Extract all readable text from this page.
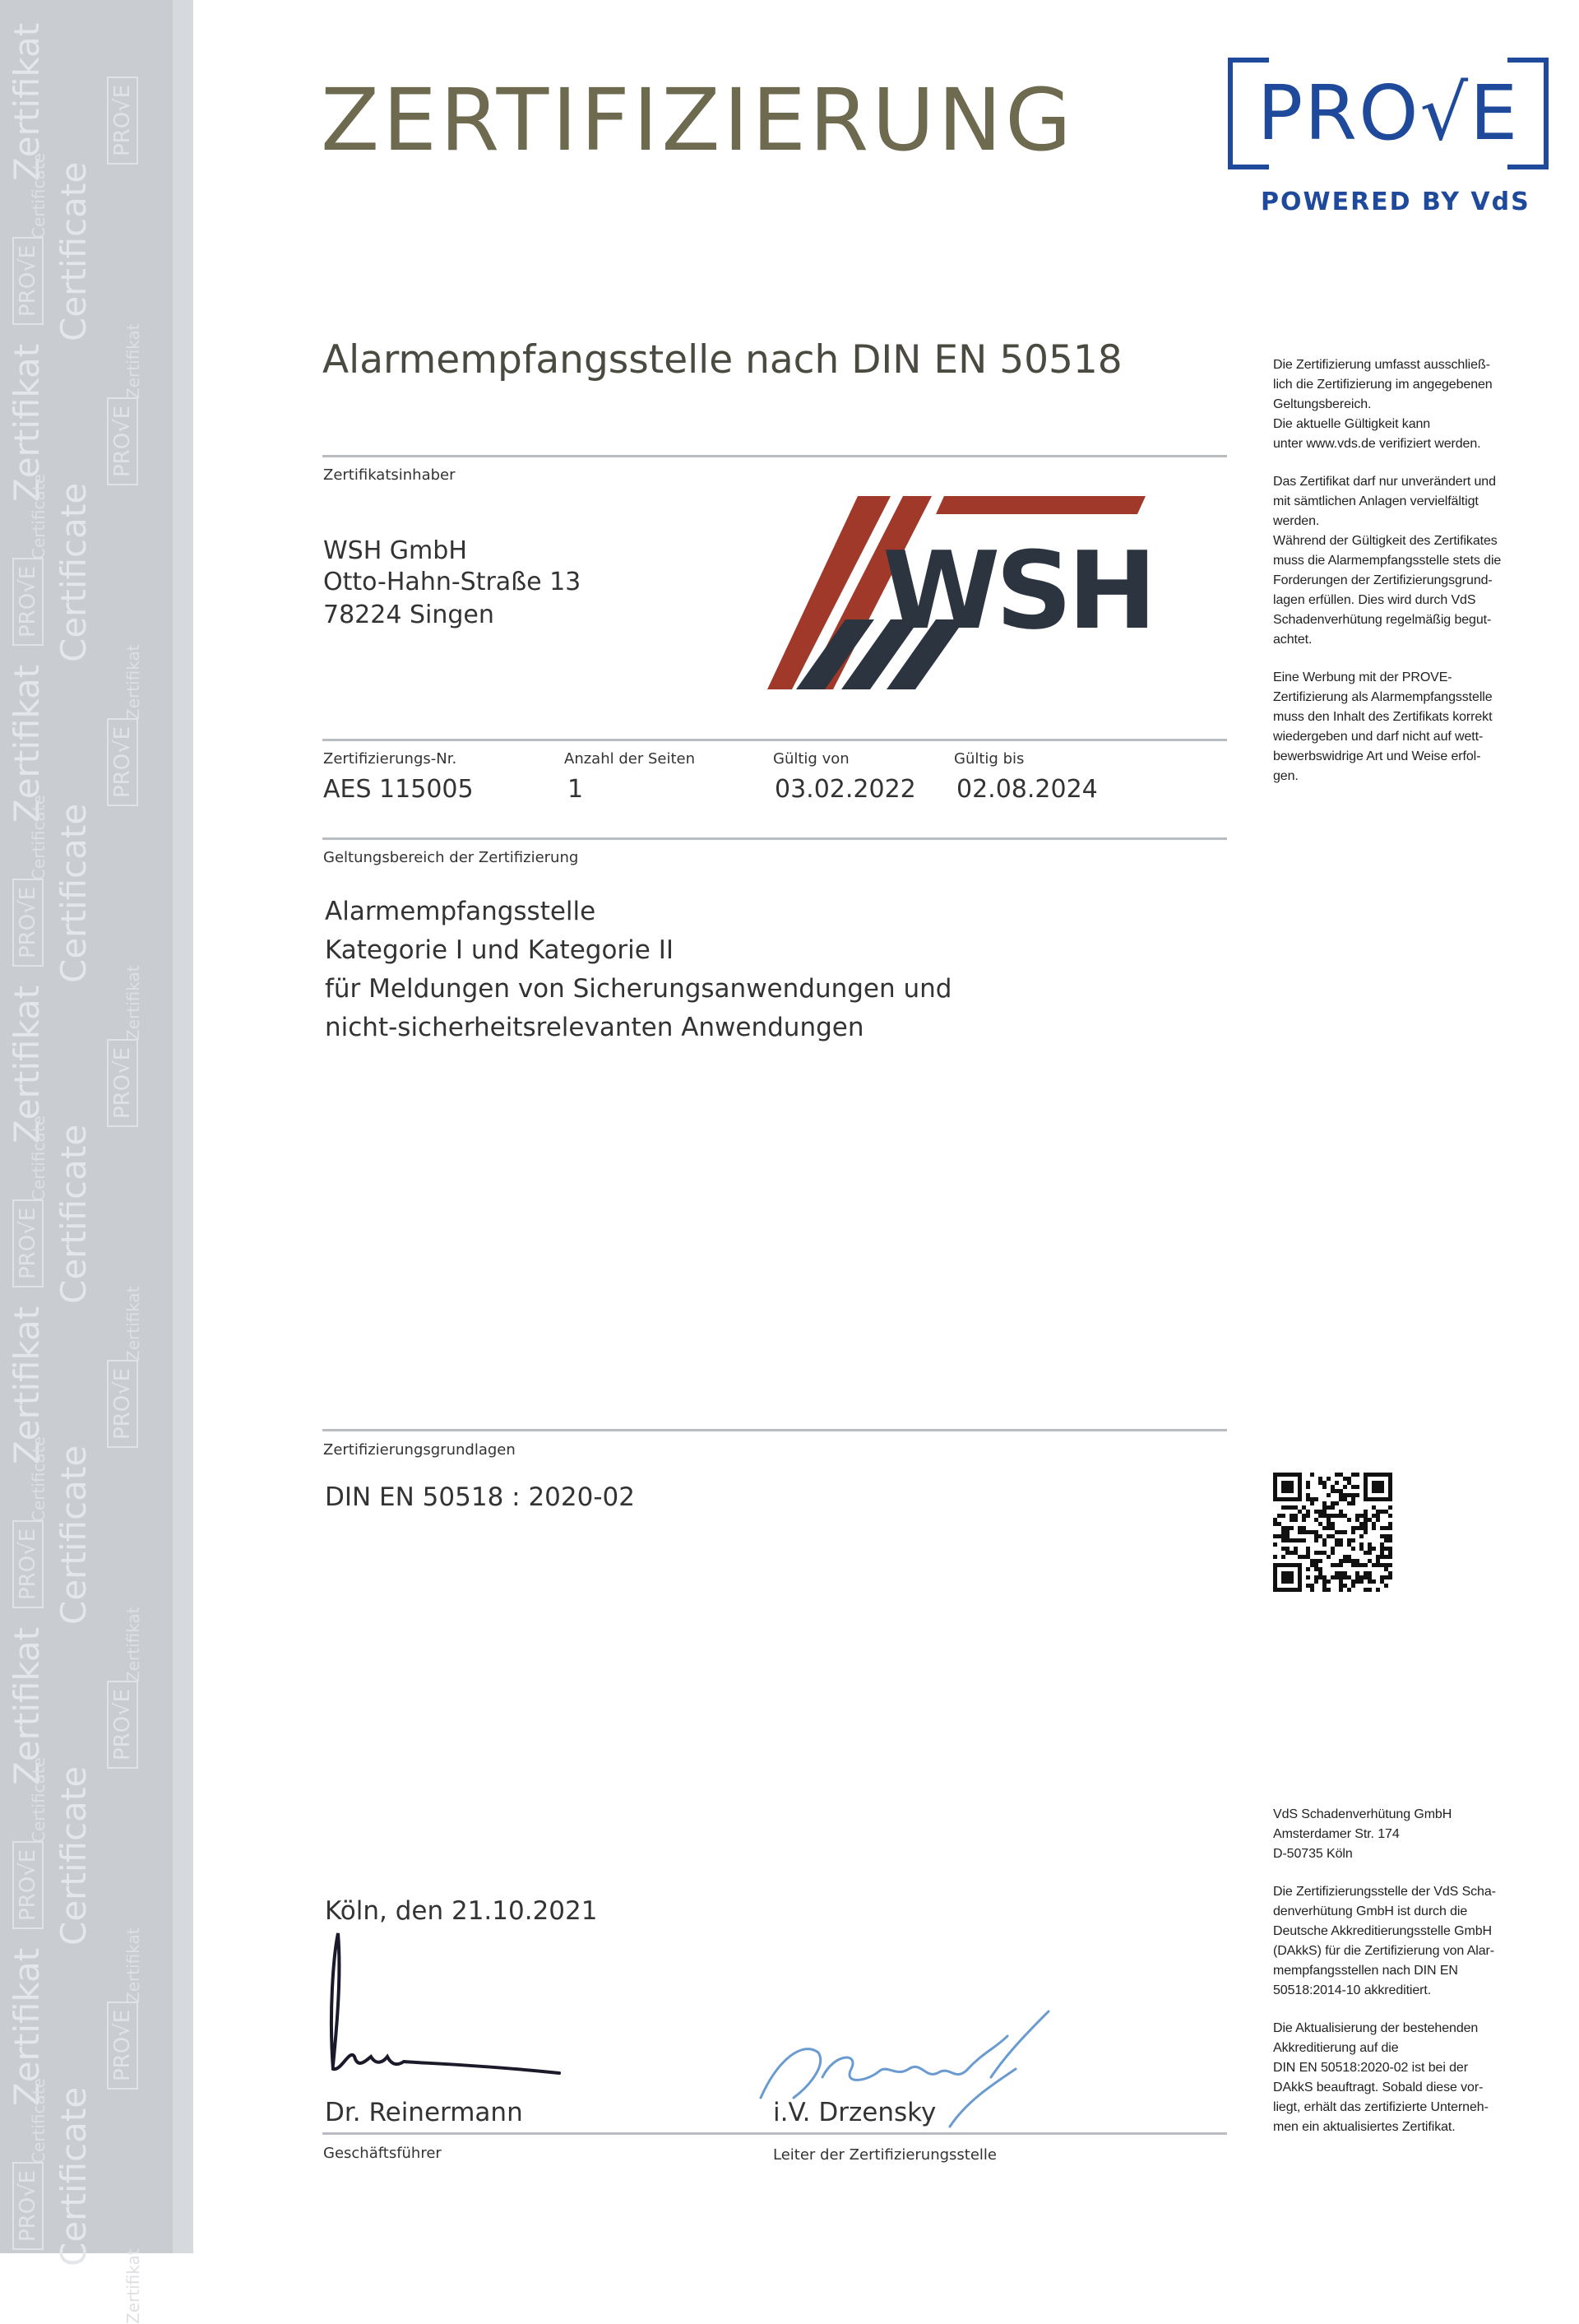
Zertifikat	PRO√E
Certificate Certificate
PRO√E
Zertifikat
Zertifikat	PRO√E
Certificate Certificate
PRO√E
Zertifikat
Zertifikat	PRO√E
Certificate Certificate
PRO√E
Zertifikat
Zertifikat	PRO√E
Certificate Certificate
PRO√E
Zertifikat
Zertifikat	PRO√E
Certificate Certificate
PRO√E
Zertifikat
Zertifikat	PRO√E
Certificate Certificate
PRO√E
Zertifikat
Zertifikat	PRO√E
Certificate Certificate
PRO√E
Zertifikat
ZERTIFIZIERUNG	PRO√E
POWERED BY VdS
Alarmempfangsstelle nach DIN EN 50518
Zertifikatsinhaber
WSH GmbH
Otto-Hahn-Straße 13
78224 Singen	WSH
Zertifizierungs-Nr.
AES 115005
Anzahl der Seiten
1
Gültig von
03.02.2022
Gültig bis
02.08.2024
Geltungsbereich der Zertifizierung
Alarmempfangsstelle
Kategorie I und Kategorie II
für Meldungen von Sicherungsanwendungen und
nicht-sicherheitsrelevanten Anwendungen
Zertifizierungsgrundlagen
DIN EN 50518 : 2020-02
Köln, den 21.10.2021
Dr. Reinermann	i.V. Drzensky
Geschäftsführer	Leiter der Zertifizierungsstelle

Die Zertifizierung umfasst ausschließ-
lich die Zertifizierung im angegebenen
Geltungsbereich.
Die aktuelle Gültigkeit kann
unter www.vds.de verifiziert werden.

Das Zertifikat darf nur unverändert und
mit sämtlichen Anlagen vervielfältigt
werden.
Während der Gültigkeit des Zertifikates
muss die Alarmempfangsstelle stets die
Forderungen der Zertifizierungsgrund-
lagen erfüllen. Dies wird durch VdS
Schadenverhütung regelmäßig begut-
achtet.

Eine Werbung mit der PROVE-
Zertifizierung als Alarmempfangsstelle
muss den Inhalt des Zertifikats korrekt
wiedergeben und darf nicht auf wett-
bewerbswidrige Art und Weise erfol-
gen.

VdS Schadenverhütung GmbH
Amsterdamer Str. 174
D-50735 Köln

Die Zertifizierungsstelle der VdS Scha-
denverhütung GmbH ist durch die
Deutsche Akkreditierungsstelle GmbH
(DAkkS) für die Zertifizierung von Alar-
mempfangsstellen nach DIN EN
50518:2014-10 akkreditiert.

Die Aktualisierung der bestehenden
Akkreditierung auf die
DIN EN 50518:2020-02 ist bei der
DAkkS beauftragt. Sobald diese vor-
liegt, erhält das zertifizierte Unterneh-
men ein aktualisiertes Zertifikat.
